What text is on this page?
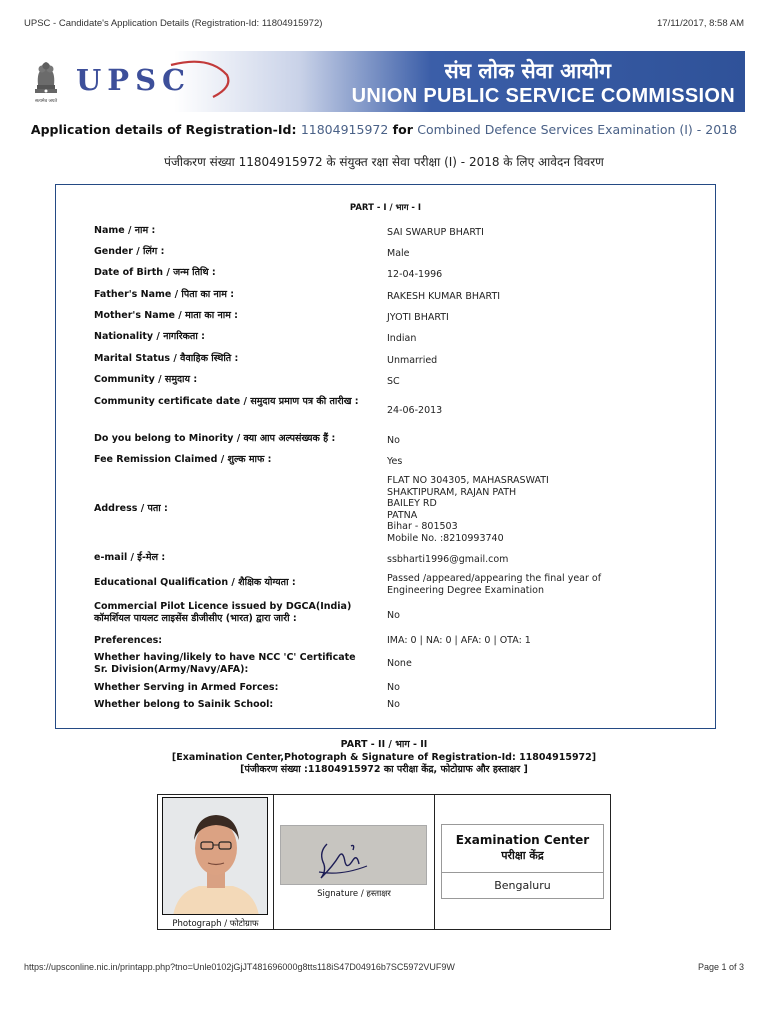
UPSC - Candidate's Application Details (Registration-Id: 11804915972)	17/11/2017, 8:58 AM
सत्यमेव जयते
UPSC	संघ लोक सेवा आयोग
UNION PUBLIC SERVICE COMMISSION
Application details of Registration-Id: 11804915972 for Combined Defence Services Examination (I) - 2018
पंजीकरण संख्या 11804915972 के संयुक्त रक्षा सेवा परीक्षा (I) - 2018 के लिए आवेदन विवरण
PART - I / भाग - I
Name / नाम :	SAI SWARUP BHARTI
Gender / लिंग :	Male
Date of Birth / जन्म तिथि :	12-04-1996
Father's Name / पिता का नाम :	RAKESH KUMAR BHARTI
Mother's Name / माता का नाम :	JYOTI BHARTI
Nationality / नागरिकता :	Indian
Marital Status / वैवाहिक स्थिति :	Unmarried
Community / समुदाय :	SC
Community certificate date / समुदाय प्रमाण पत्र की तारीख :
24-06-2013
Do you belong to Minority / क्या आप अल्पसंख्यक हैं :	No
Fee Remission Claimed / शुल्क माफ :	Yes
Address / पता :
FLAT NO 304305, MAHASRASWATI
SHAKTIPURAM, RAJAN PATH
BAILEY RD
PATNA
Bihar - 801503
Mobile No. :8210993740
e-mail / ई-मेल :	ssbharti1996@gmail.com
Educational Qualification / शैक्षिक योग्यता :	Passed /appeared/appearing the final year of Engineering Degree Examination
Commercial Pilot Licence issued by DGCA(India) कॉमर्शियल पायलट लाइसेंस डीजीसीए (भारत) द्वारा जारी :	No
Preferences:	IMA: 0 | NA: 0 | AFA: 0 | OTA: 1
Whether having/likely to have NCC 'C' Certificate Sr. Division(Army/Navy/AFA):	None
Whether Serving in Armed Forces:	No
Whether belong to Sainik School:	No
PART - II / भाग - II
[Examination Center,Photograph & Signature of Registration-Id: 11804915972]
[पंजीकरण संख्या :11804915972 का परीक्षा केंद्र, फोटोग्राफ और हस्ताक्षर ]
Photograph / फोटोग्राफ
Signature / हस्ताक्षर
Examination Center
परीक्षा केंद्र
Bengaluru
https://upsconline.nic.in/printapp.php?tno=Unle0102jGjJT481696000g8tts118iS47D04916b7SC5972VUF9W	Page 1 of 3
